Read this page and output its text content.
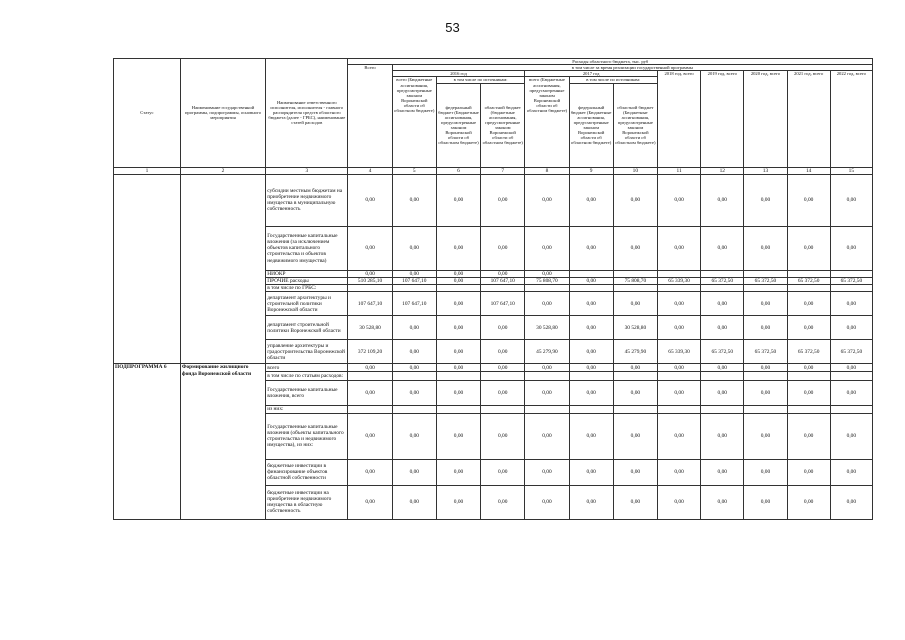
53
Статус	Наименование государственной программы, подпрограммы, основного мероприятия	Наименование ответственного исполнителя, исполнителя - главного распорядителя средств областного бюджета (далее - ГРБС), наименование статей расходов	Расходы областного бюджета, тыс. руб											
			Всего	в том числе за время реализации государственной программы										
				2016 год			2017 год			2018 год, всего	2019 год, всего	2020 год, всего	2021 год, всего	2022 год, всего
				всего (Бюджетные ассигнования, предусмотренные законом Воронежской области об областном бюджете)	в том числе по источникам:		всего (Бюджетные ассигнования, предусмотренные законом Воронежской области об областном бюджете)	в том числе по источникам:						
					федеральный бюджет (Бюджетные ассигнования, предусмотренные законом Воронежской области об областном бюджете)	областной бюджет (бюджетные ассигнования, предусмотренные законом Воронежской области об областном бюджете)		федеральный бюджет (Бюджетные ассигнования, предусмотренные законом Воронежской области об областном бюджете)	областной бюджет (Бюджетные ассигнования, предусмотренные законом Воронежской области об областном бюджете)					
1	2	3	4	5	6	7	8	9	10	11	12	13	14	15
		субсидии местным бюджетам на приобретение недвижимого имущества в муниципальную собственность	0,00	0,00	0,00	0,00	0,00	0,00	0,00	0,00	0,00	0,00	0,00	0,00
		Государственные капитальные вложения (за исключением объектов капитального строительства и объектов недвижимого имущества)	0,00	0,00	0,00	0,00	0,00	0,00	0,00	0,00	0,00	0,00	0,00	0,00
		НИОКР	0,00	0,00	0,00	0,00	0,00							
		ПРОЧИЕ расходы	510 285,10	107 647,10	0,00	107 647,10	75 808,70	0,00	75 808,70	65 339,30	65 372,50	65 372,50	65 372,50	65 372,50
		в том числе по ГРБС:												
		департамент архитектуры и строительной политики Воронежской области	107 647,10	107 647,10	0,00	107 647,10	0,00	0,00	0,00	0,00	0,00	0,00	0,00	0,00
		департамент строительной политики Воронежской области	30 528,80	0,00	0,00	0,00	30 528,80	0,00	30 528,80	0,00	0,00	0,00	0,00	0,00
		управление архитектуры и градостроительства Воронежской области	372 109,20	0,00	0,00	0,00	45 279,90	0,00	45 279,90	65 339,30	65 372,50	65 372,50	65 372,50	65 372,50
ПОДПРОГРАММА 6	Формирование жилищного фонда Воронежской области	всего	0,00	0,00	0,00	0,00	0,00	0,00	0,00	0,00	0,00	0,00	0,00	0,00
		в том числе по статьям расходов:												
		Государственные капитальные вложения, всего	0,00	0,00	0,00	0,00	0,00	0,00	0,00	0,00	0,00	0,00	0,00	0,00
		из них:												
		Государственные капитальные вложения (объекты капитального строительства и недвижимого имущества), из них:	0,00	0,00	0,00	0,00	0,00	0,00	0,00	0,00	0,00	0,00	0,00	0,00
		бюджетные инвестиции в финансирование объектов областной собственности	0,00	0,00	0,00	0,00	0,00	0,00	0,00	0,00	0,00	0,00	0,00	0,00
		бюджетные инвестиции на приобретение недвижимого имущества в областную собственность	0,00	0,00	0,00	0,00	0,00	0,00	0,00	0,00	0,00	0,00	0,00	0,00
